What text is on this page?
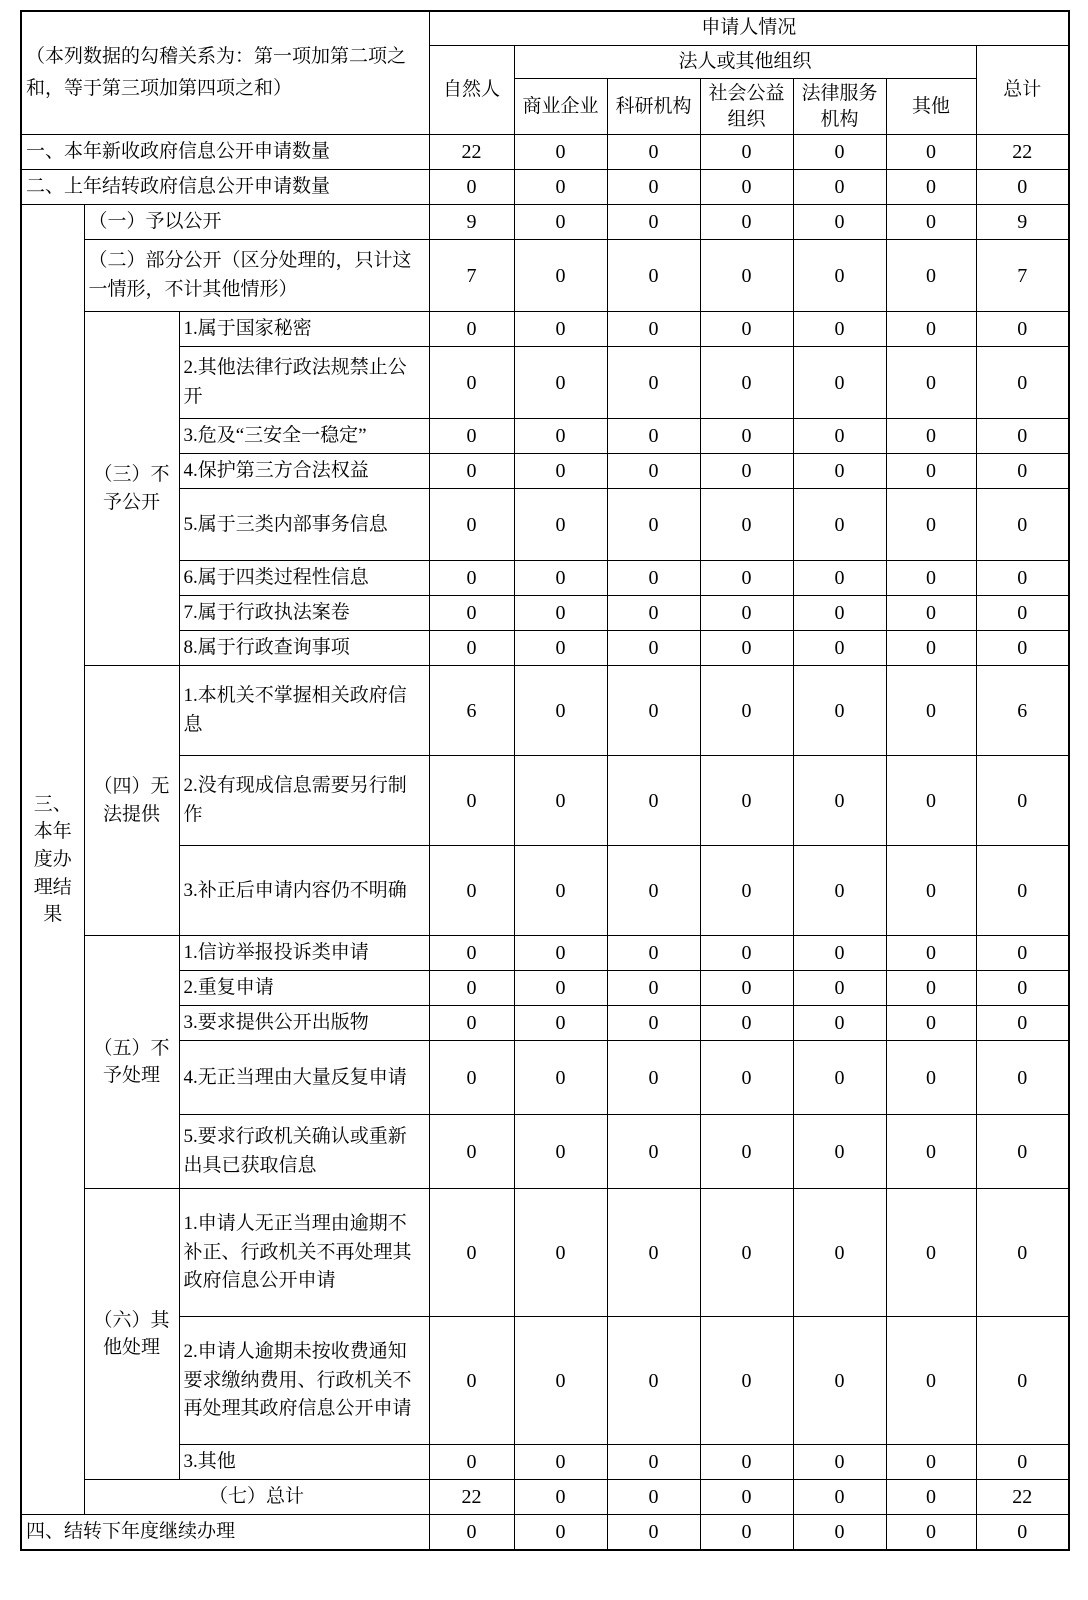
（本列数据的勾稽关系为：第一项加第二项之和，等于第三项加第四项之和）			申请人情况						
			自然人	法人或其他组织					总计
				商业企业	科研机构	社会公益组织	法律服务机构	其他	
一、本年新收政府信息公开申请数量			22	0	0	0	0	0	22
二、上年结转政府信息公开申请数量			0	0	0	0	0	0	0
三、本年度办理结果	（一）予以公开		9	0	0	0	0	0	9
	（二）部分公开（区分处理的，只计这一情形，不计其他情形）		7	0	0	0	0	0	7
	（三）不予公开	1.属于国家秘密	0	0	0	0	0	0	0
		2.其他法律行政法规禁止公开	0	0	0	0	0	0	0
		3.危及“三安全一稳定”	0	0	0	0	0	0	0
		4.保护第三方合法权益	0	0	0	0	0	0	0
		5.属于三类内部事务信息	0	0	0	0	0	0	0
		6.属于四类过程性信息	0	0	0	0	0	0	0
		7.属于行政执法案卷	0	0	0	0	0	0	0
		8.属于行政查询事项	0	0	0	0	0	0	0
	（四）无法提供	1.本机关不掌握相关政府信息	6	0	0	0	0	0	6
		2.没有现成信息需要另行制作	0	0	0	0	0	0	0
		3.补正后申请内容仍不明确	0	0	0	0	0	0	0
	（五）不予处理	1.信访举报投诉类申请	0	0	0	0	0	0	0
		2.重复申请	0	0	0	0	0	0	0
		3.要求提供公开出版物	0	0	0	0	0	0	0
		4.无正当理由大量反复申请	0	0	0	0	0	0	0
		5.要求行政机关确认或重新出具已获取信息	0	0	0	0	0	0	0
	（六）其他处理	1.申请人无正当理由逾期不补正、行政机关不再处理其政府信息公开申请	0	0	0	0	0	0	0
		2.申请人逾期未按收费通知要求缴纳费用、行政机关不再处理其政府信息公开申请	0	0	0	0	0	0	0
		3.其他	0	0	0	0	0	0	0
	（七）总计		22	0	0	0	0	0	22
四、结转下年度继续办理			0	0	0	0	0	0	0
